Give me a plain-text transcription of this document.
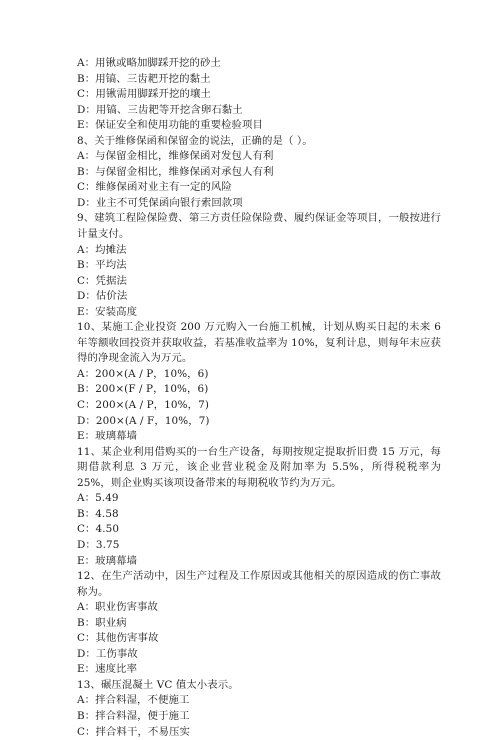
A：用锹或略加脚踩开挖的砂土
B：用镐、三齿耙开挖的黏土
C：用锹需用脚踩开挖的壤土
D：用镐、三齿耙等开挖含卵石黏土
E：保证安全和使用功能的重要检验项目
8、关于维修保函和保留金的说法，正确的是（ ）。
A：与保留金相比，维修保函对发包人有利
B：与保留金相比，维修保函对承包人有利
C：维修保函对业主有一定的风险
D：业主不可凭保函向银行索回款项
9、建筑工程险保险费、第三方责任险保险费、履约保证金等项目，一般按进行计量支付。
A：均摊法
B：平均法
C：凭据法
D：估价法
E：安装高度
10、某施工企业投资 200 万元购入一台施工机械，计划从购买日起的未来 6 年等额收回投资并获取收益，若基准收益率为 10%，复利计息，则每年末应获得的净现金流入为万元。
A：200×(A / P，10%，6)
B：200×(F / P，10%，6)
C：200×(A / P，10%，7)
D：200×(A / F，10%，7)
E：玻璃幕墙
11、某企业利用借购买的一台生产设备，每期按规定提取折旧费 15 万元，每期借款利息 3 万元，该企业营业税金及附加率为 5.5%，所得税税率为 25%，则企业购买该项设备带来的每期税收节约为万元。
A：5.49
B：4.58
C：4.50
D：3.75
E：玻璃幕墙
12、在生产活动中，因生产过程及工作原因或其他相关的原因造成的伤亡事故称为。
A：职业伤害事故
B：职业病
C：其他伤害事故
D：工伤事故
E：速度比率
13、碾压混凝土 VC 值太小表示。
A：拌合料湿，不便施工
B：拌合料湿，便于施工
C：拌合料干，不易压实
